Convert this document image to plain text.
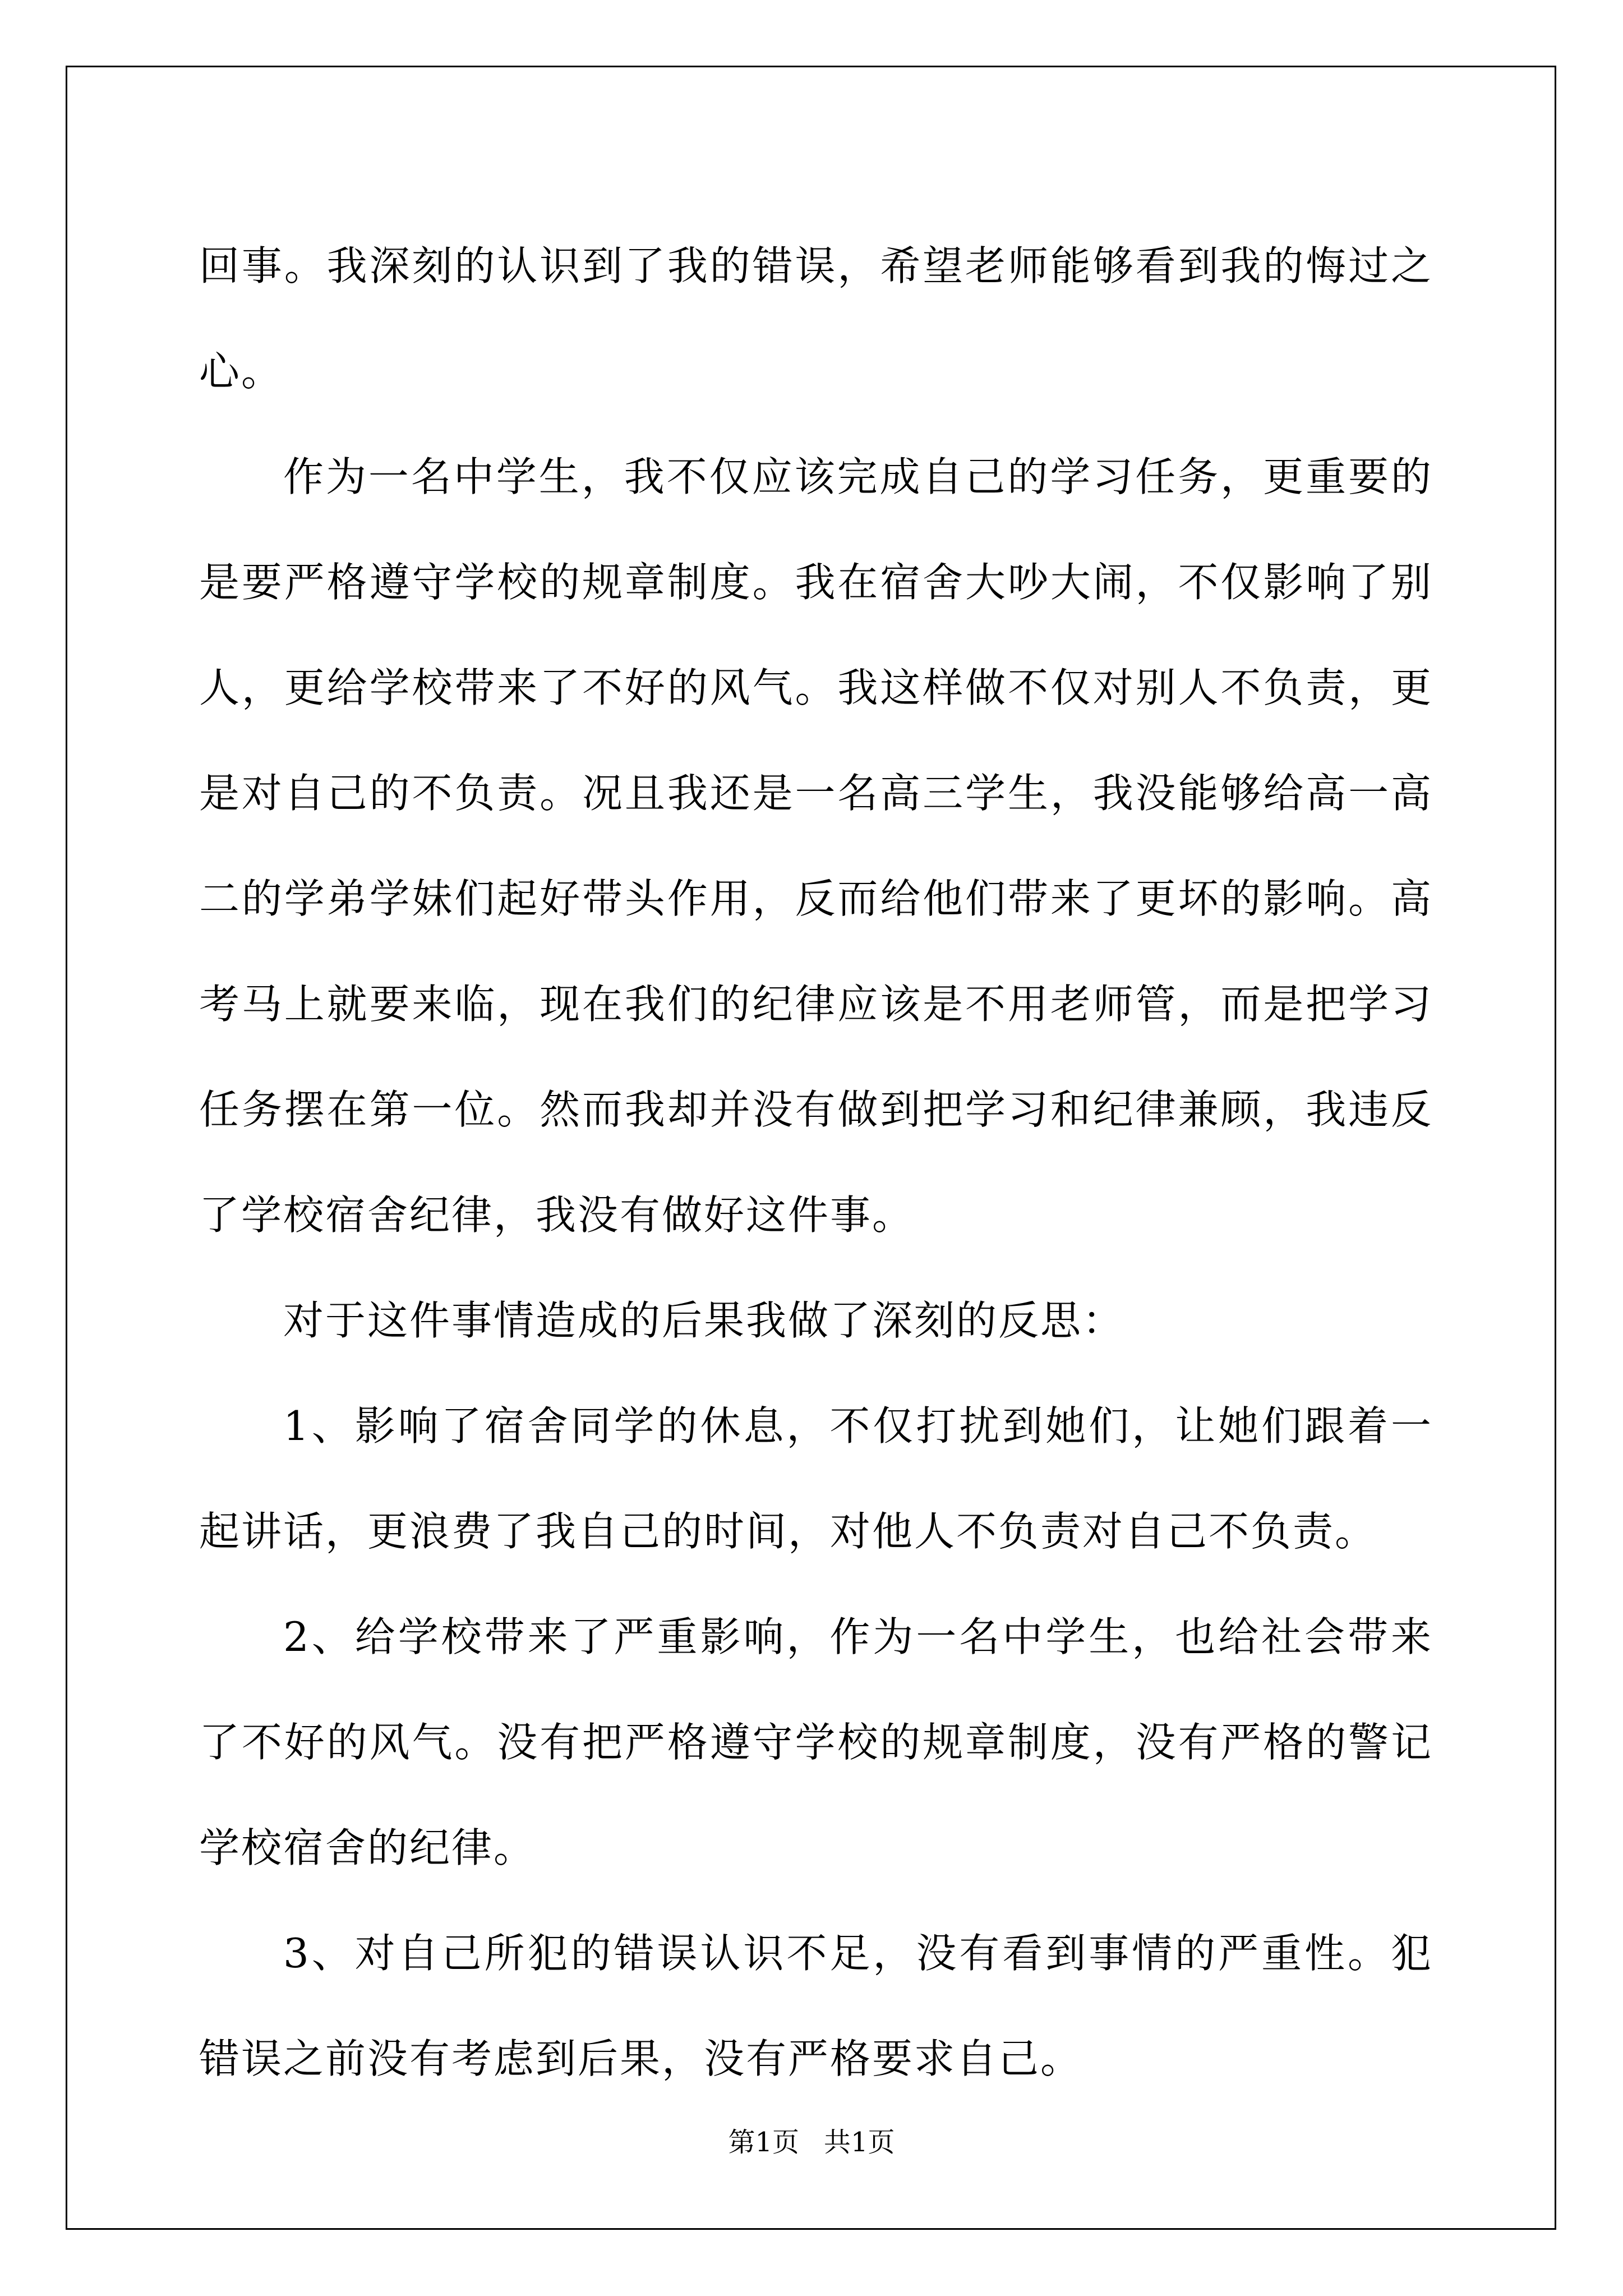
回事。我深刻的认识到了我的错误，希望老师能够看到我的悔过之心。

作为一名中学生，我不仅应该完成自己的学习任务，更重要的是要严格遵守学校的规章制度。我在宿舍大吵大闹，不仅影响了别人，更给学校带来了不好的风气。我这样做不仅对别人不负责，更是对自己的不负责。况且我还是一名高三学生，我没能够给高一高二的学弟学妹们起好带头作用，反而给他们带来了更坏的影响。高考马上就要来临，现在我们的纪律应该是不用老师管，而是把学习任务摆在第一位。然而我却并没有做到把学习和纪律兼顾，我违反了学校宿舍纪律，我没有做好这件事。

对于这件事情造成的后果我做了深刻的反思：

1、影响了宿舍同学的休息，不仅打扰到她们，让她们跟着一起讲话，更浪费了我自己的时间，对他人不负责对自己不负责。

2、给学校带来了严重影响，作为一名中学生，也给社会带来了不好的风气。没有把严格遵守学校的规章制度，没有严格的警记学校宿舍的纪律。

3、对自己所犯的错误认识不足，没有看到事情的严重性。犯错误之前没有考虑到后果，没有严格要求自己。

第1页 共1页
